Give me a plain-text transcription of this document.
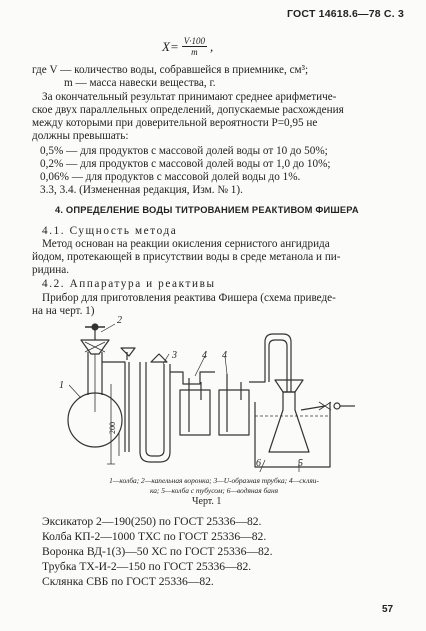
ГОСТ 14618.6—78 С. 3
$X= \frac{V\cdot 100}{m}$ ,
где V — количество воды, собравшейся в приемнике, см³;
m — масса навески вещества, г.
За окончательный результат принимают среднее арифметиче-
ское двух параллельных определений, допускаемые расхождения
между которыми при доверительной вероятности P=0,95 не
должны превышать:
0,5% — для продуктов с массовой долей воды от 10 до 50%;
0,2% — для продуктов с массовой долей воды от 1,0 до 10%;
0,06% — для продуктов с массовой долей воды до 1%.
3.3, 3.4. (Измененная редакция, Изм. № 1).
4. ОПРЕДЕЛЕНИЕ ВОДЫ ТИТРОВАНИЕМ РЕАКТИВОМ ФИШЕРА
4.1. Сущность метода
Метод основан на реакции окисления сернистого ангидрида
йодом, протекающей в присутствии воды в среде метанола и пи-
ридина.
4.2. Аппаратура и реактивы
Прибор для приготовления реактива Фишера (схема приведе-
на на черт. 1)
1
2
3	4 4
5
6
200
1—колба; 2—капельная воронка; 3—U-образная трубка; 4—скляи-
ка; 5—колба с тубусом; 6—водяная баня
Черт. 1
Эксикатор 2—190(250) по ГОСТ 25336—82.
Колба КП-2—1000 ТХС по ГОСТ 25336—82.
Воронка ВД-1(3)—50 ХС по ГОСТ 25336—82.
Трубка ТХ-И-2—150 по ГОСТ 25336—82.
Склянка СВБ по ГОСТ 25336—82.
57
